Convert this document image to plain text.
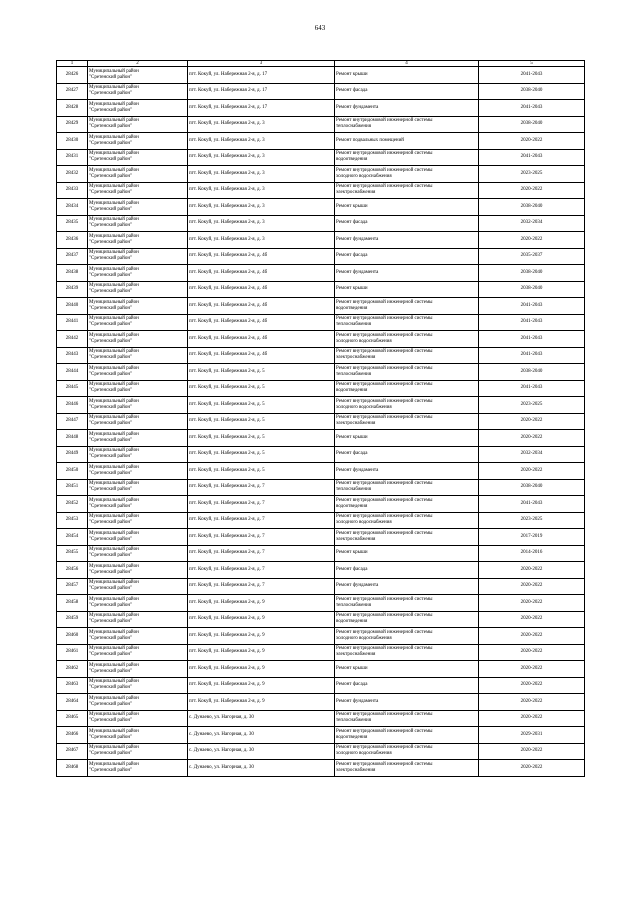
643
1	2	3	4	5
28426	Муниципальный район
"Сретенский район"	пгт. Кокуй, ул. Набережная 2-я, д. 17	Ремонт крыши	2041-2043
28427	Муниципальный район
"Сретенский район"	пгт. Кокуй, ул. Набережная 2-я, д. 17	Ремонт фасада	2038-2040
28428	Муниципальный район
"Сретенский район"	пгт. Кокуй, ул. Набережная 2-я, д. 17	Ремонт фундамента	2041-2043
28429	Муниципальный район
"Сретенский район"	пгт. Кокуй, ул. Набережная 2-я, д. 3	Ремонт внутридомовой инженерной системы
теплоснабжения	2038-2040
28430	Муниципальный район
"Сретенский район"	пгт. Кокуй, ул. Набережная 2-я, д. 3	Ремонт подвальных помещений	2020-2022
28431	Муниципальный район
"Сретенский район"	пгт. Кокуй, ул. Набережная 2-я, д. 3	Ремонт внутридомовой инженерной системы
водоотведения	2041-2043
28432	Муниципальный район
"Сретенский район"	пгт. Кокуй, ул. Набережная 2-я, д. 3	Ремонт внутридомовой инженерной системы
холодного водоснабжения	2023-2025
28433	Муниципальный район
"Сретенский район"	пгт. Кокуй, ул. Набережная 2-я, д. 3	Ремонт внутридомовой инженерной системы
электроснабжения	2020-2022
28434	Муниципальный район
"Сретенский район"	пгт. Кокуй, ул. Набережная 2-я, д. 3	Ремонт крыши	2038-2040
28435	Муниципальный район
"Сретенский район"	пгт. Кокуй, ул. Набережная 2-я, д. 3	Ремонт фасада	2032-2034
28436	Муниципальный район
"Сретенский район"	пгт. Кокуй, ул. Набережная 2-я, д. 3	Ремонт фундамента	2020-2022
28437	Муниципальный район
"Сретенский район"	пгт. Кокуй, ул. Набережная 2-я, д. 4б	Ремонт фасада	2035-2037
28438	Муниципальный район
"Сретенский район"	пгт. Кокуй, ул. Набережная 2-я, д. 4б	Ремонт фундамента	2038-2040
28439	Муниципальный район
"Сретенский район"	пгт. Кокуй, ул. Набережная 2-я, д. 4б	Ремонт крыши	2038-2040
28440	Муниципальный район
"Сретенский район"	пгт. Кокуй, ул. Набережная 2-я, д. 4б	Ремонт внутридомовой инженерной системы
водоотведения	2041-2043
28441	Муниципальный район
"Сретенский район"	пгт. Кокуй, ул. Набережная 2-я, д. 4б	Ремонт внутридомовой инженерной системы
теплоснабжения	2041-2043
28442	Муниципальный район
"Сретенский район"	пгт. Кокуй, ул. Набережная 2-я, д. 4б	Ремонт внутридомовой инженерной системы
холодного водоснабжения	2041-2043
28443	Муниципальный район
"Сретенский район"	пгт. Кокуй, ул. Набережная 2-я, д. 4б	Ремонт внутридомовой инженерной системы
электроснабжения	2041-2043
28444	Муниципальный район
"Сретенский район"	пгт. Кокуй, ул. Набережная 2-я, д. 5	Ремонт внутридомовой инженерной системы
теплоснабжения	2038-2040
28445	Муниципальный район
"Сретенский район"	пгт. Кокуй, ул. Набережная 2-я, д. 5	Ремонт внутридомовой инженерной системы
водоотведения	2041-2043
28446	Муниципальный район
"Сретенский район"	пгт. Кокуй, ул. Набережная 2-я, д. 5	Ремонт внутридомовой инженерной системы
холодного водоснабжения	2023-2025
28447	Муниципальный район
"Сретенский район"	пгт. Кокуй, ул. Набережная 2-я, д. 5	Ремонт внутридомовой инженерной системы
электроснабжения	2020-2022
28448	Муниципальный район
"Сретенский район"	пгт. Кокуй, ул. Набережная 2-я, д. 5	Ремонт крыши	2020-2022
28449	Муниципальный район
"Сретенский район"	пгт. Кокуй, ул. Набережная 2-я, д. 5	Ремонт фасада	2032-2034
28450	Муниципальный район
"Сретенский район"	пгт. Кокуй, ул. Набережная 2-я, д. 5	Ремонт фундамента	2020-2022
28451	Муниципальный район
"Сретенский район"	пгт. Кокуй, ул. Набережная 2-я, д. 7	Ремонт внутридомовой инженерной системы
теплоснабжения	2038-2040
28452	Муниципальный район
"Сретенский район"	пгт. Кокуй, ул. Набережная 2-я, д. 7	Ремонт внутридомовой инженерной системы
водоотведения	2041-2043
28453	Муниципальный район
"Сретенский район"	пгт. Кокуй, ул. Набережная 2-я, д. 7	Ремонт внутридомовой инженерной системы
холодного водоснабжения	2023-2025
28454	Муниципальный район
"Сретенский район"	пгт. Кокуй, ул. Набережная 2-я, д. 7	Ремонт внутридомовой инженерной системы
электроснабжения	2017-2019
28455	Муниципальный район
"Сретенский район"	пгт. Кокуй, ул. Набережная 2-я, д. 7	Ремонт крыши	2014-2016
28456	Муниципальный район
"Сретенский район"	пгт. Кокуй, ул. Набережная 2-я, д. 7	Ремонт фасада	2020-2022
28457	Муниципальный район
"Сретенский район"	пгт. Кокуй, ул. Набережная 2-я, д. 7	Ремонт фундамента	2020-2022
28458	Муниципальный район
"Сретенский район"	пгт. Кокуй, ул. Набережная 2-я, д. 9	Ремонт внутридомовой инженерной системы
теплоснабжения	2020-2022
28459	Муниципальный район
"Сретенский район"	пгт. Кокуй, ул. Набережная 2-я, д. 9	Ремонт внутридомовой инженерной системы
водоотведения	2020-2022
28460	Муниципальный район
"Сретенский район"	пгт. Кокуй, ул. Набережная 2-я, д. 9	Ремонт внутридомовой инженерной системы
холодного водоснабжения	2020-2022
28461	Муниципальный район
"Сретенский район"	пгт. Кокуй, ул. Набережная 2-я, д. 9	Ремонт внутридомовой инженерной системы
электроснабжения	2020-2022
28462	Муниципальный район
"Сретенский район"	пгт. Кокуй, ул. Набережная 2-я, д. 9	Ремонт крыши	2020-2022
28463	Муниципальный район
"Сретенский район"	пгт. Кокуй, ул. Набережная 2-я, д. 9	Ремонт фасада	2020-2022
28464	Муниципальный район
"Сретенский район"	пгт. Кокуй, ул. Набережная 2-я, д. 9	Ремонт фундамента	2020-2022
28465	Муниципальный район
"Сретенский район"	с. Дунаево, ул. Нагорная, д. 30	Ремонт внутридомовой инженерной системы
теплоснабжения	2020-2022
28466	Муниципальный район
"Сретенский район"	с. Дунаево, ул. Нагорная, д. 30	Ремонт внутридомовой инженерной системы
водоотведения	2029-2031
28467	Муниципальный район
"Сретенский район"	с. Дунаево, ул. Нагорная, д. 30	Ремонт внутридомовой инженерной системы
холодного водоснабжения	2020-2022
28468	Муниципальный район
"Сретенский район"	с. Дунаево, ул. Нагорная, д. 30	Ремонт внутридомовой инженерной системы
электроснабжения	2020-2022
